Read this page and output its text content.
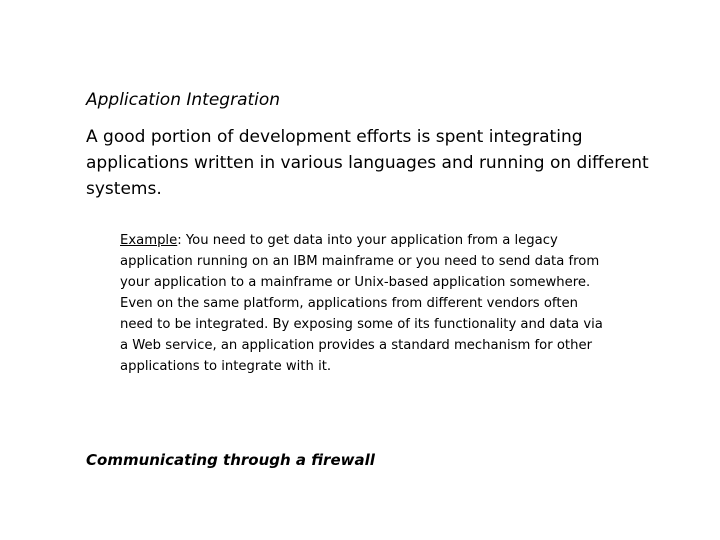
Application Integration

A good portion of development efforts is spent integrating applications written in various languages and running on different systems.

Example: You need to get data into your application from a legacy application running on an IBM mainframe or you need to send data from your application to a mainframe or Unix-based application somewhere. Even on the same platform, applications from different vendors often need to be integrated. By exposing some of its functionality and data via a Web service, an application provides a standard mechanism for other applications to integrate with it.

Communicating through a firewall
